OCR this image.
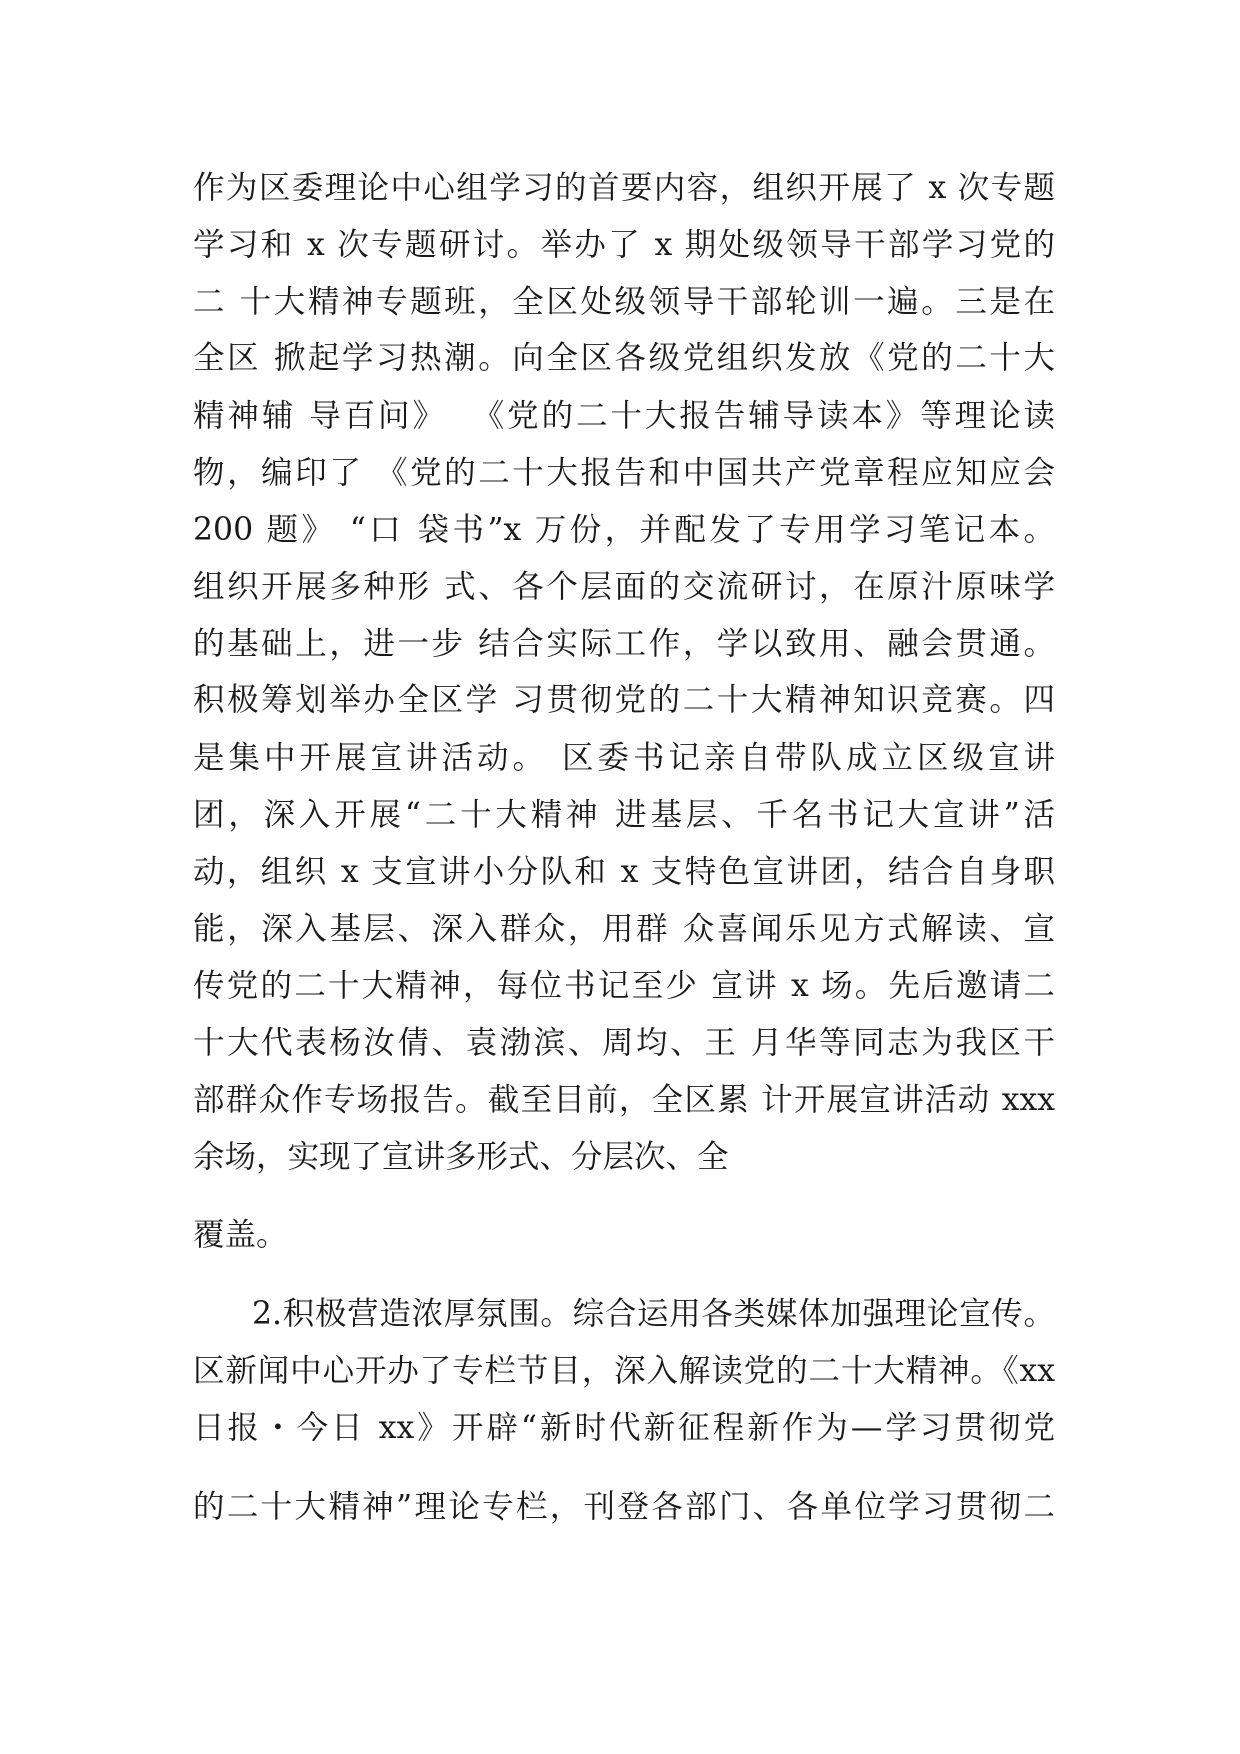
作为区委理论中心组学习的首要内容，组织开展了 x 次专题
学习和 x 次专题研讨。举办了 x 期处级领导干部学习党的
二 十大精神专题班，全区处级领导干部轮训一遍。三是在
全区 掀起学习热潮。向全区各级党组织发放《党的二十大
精神辅 导百问》  《党的二十大报告辅导读本》等理论读
物，编印了 《党的二十大报告和中国共产党章程应知应会
200 题》 “口 袋书”x 万份，并配发了专用学习笔记本。
组织开展多种形 式、各个层面的交流研讨，在原汁原味学
的基础上，进一步 结合实际工作，学以致用、融会贯通。
积极筹划举办全区学 习贯彻党的二十大精神知识竞赛。四
是集中开展宣讲活动。 区委书记亲自带队成立区级宣讲
团，深入开展“二十大精神 进基层、千名书记大宣讲”活
动，组织 x 支宣讲小分队和 x 支特色宣讲团，结合自身职
能，深入基层、深入群众，用群 众喜闻乐见方式解读、宣
传党的二十大精神，每位书记至少 宣讲 x 场。先后邀请二
十大代表杨汝倩、袁渤滨、周均、王 月华等同志为我区干
部群众作专场报告。截至目前，全区累 计开展宣讲活动 xxx
余场，实现了宣讲多形式、分层次、全
覆盖。
2.积极营造浓厚氛围。综合运用各类媒体加强理论宣传。
区新闻中心开办了专栏节目，深入解读党的二十大精神。《xx
日报・今日 xx》开辟“新时代新征程新作为—学习贯彻党
的二十大精神”理论专栏，刊登各部门、各单位学习贯彻二
